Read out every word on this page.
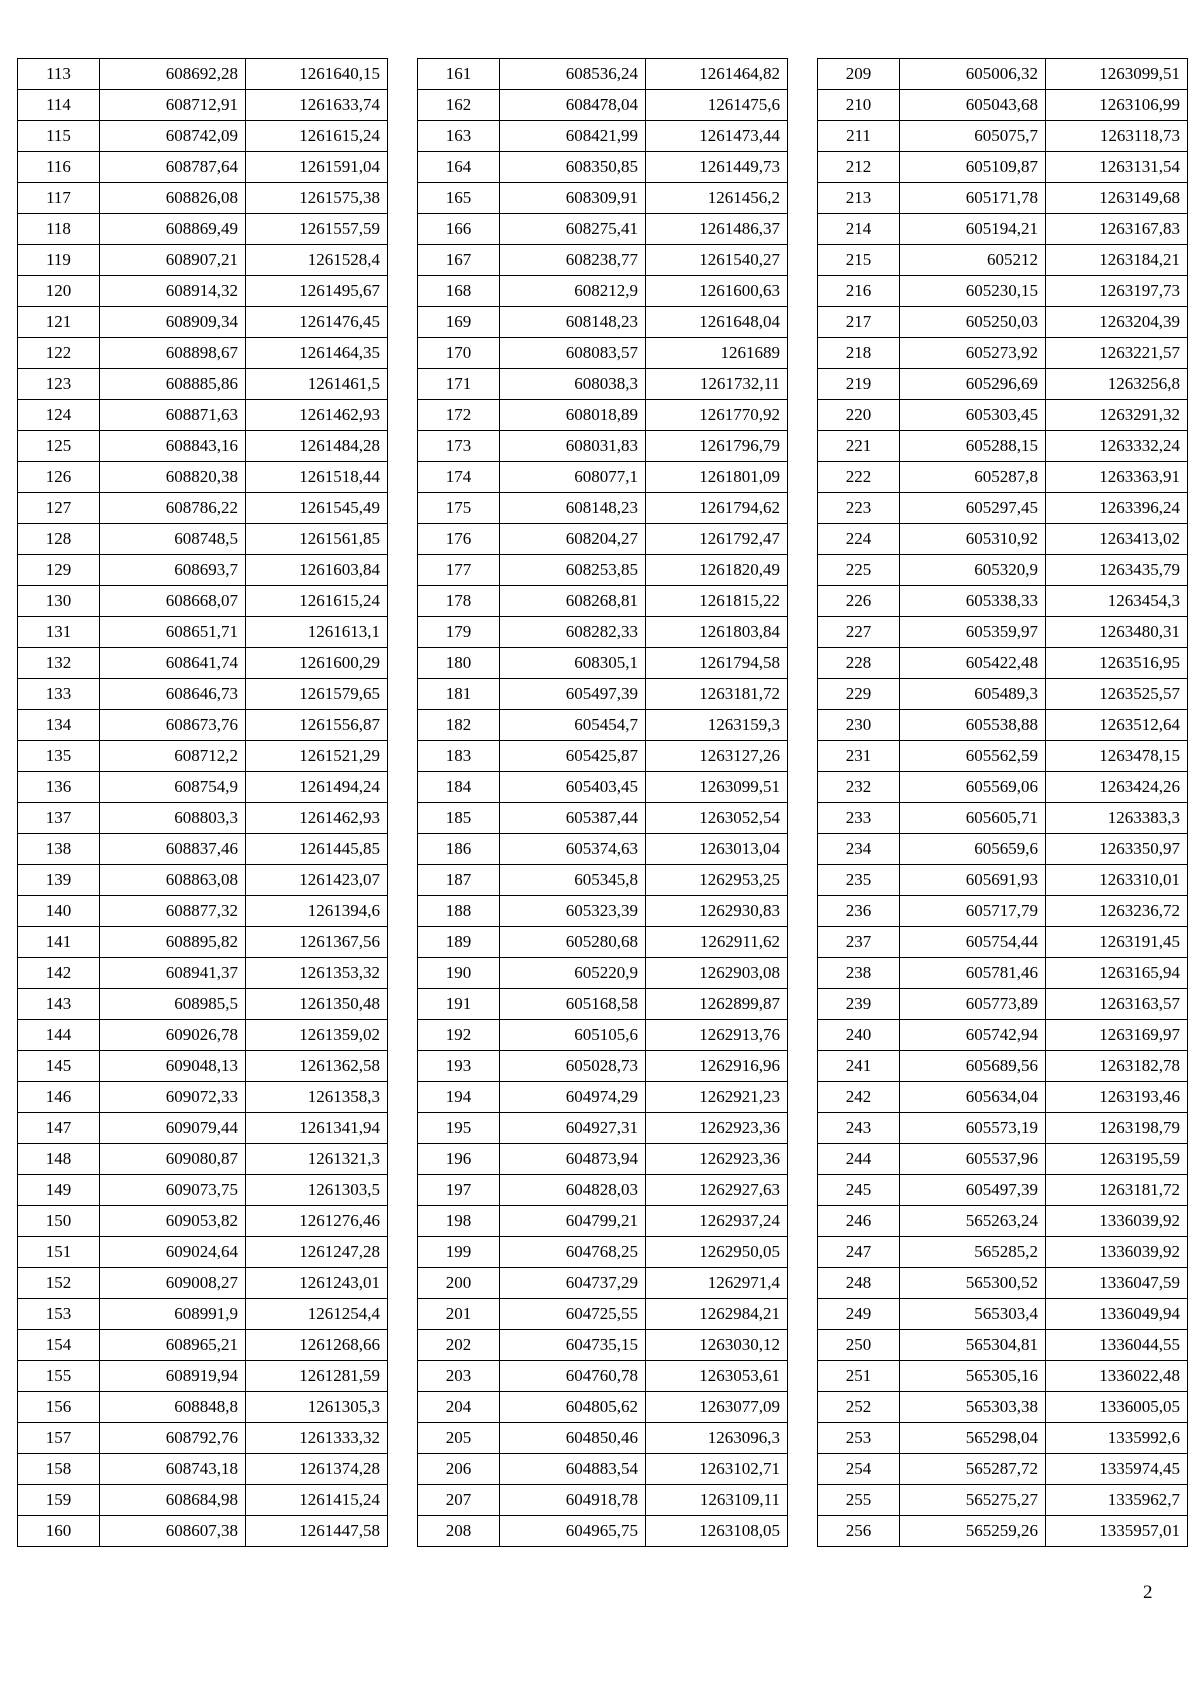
113	608692,28	1261640,15
114	608712,91	1261633,74
115	608742,09	1261615,24
116	608787,64	1261591,04
117	608826,08	1261575,38
118	608869,49	1261557,59
119	608907,21	1261528,4
120	608914,32	1261495,67
121	608909,34	1261476,45
122	608898,67	1261464,35
123	608885,86	1261461,5
124	608871,63	1261462,93
125	608843,16	1261484,28
126	608820,38	1261518,44
127	608786,22	1261545,49
128	608748,5	1261561,85
129	608693,7	1261603,84
130	608668,07	1261615,24
131	608651,71	1261613,1
132	608641,74	1261600,29
133	608646,73	1261579,65
134	608673,76	1261556,87
135	608712,2	1261521,29
136	608754,9	1261494,24
137	608803,3	1261462,93
138	608837,46	1261445,85
139	608863,08	1261423,07
140	608877,32	1261394,6
141	608895,82	1261367,56
142	608941,37	1261353,32
143	608985,5	1261350,48
144	609026,78	1261359,02
145	609048,13	1261362,58
146	609072,33	1261358,3
147	609079,44	1261341,94
148	609080,87	1261321,3
149	609073,75	1261303,5
150	609053,82	1261276,46
151	609024,64	1261247,28
152	609008,27	1261243,01
153	608991,9	1261254,4
154	608965,21	1261268,66
155	608919,94	1261281,59
156	608848,8	1261305,3
157	608792,76	1261333,32
158	608743,18	1261374,28
159	608684,98	1261415,24
160	608607,38	1261447,58
161	608536,24	1261464,82
162	608478,04	1261475,6
163	608421,99	1261473,44
164	608350,85	1261449,73
165	608309,91	1261456,2
166	608275,41	1261486,37
167	608238,77	1261540,27
168	608212,9	1261600,63
169	608148,23	1261648,04
170	608083,57	1261689
171	608038,3	1261732,11
172	608018,89	1261770,92
173	608031,83	1261796,79
174	608077,1	1261801,09
175	608148,23	1261794,62
176	608204,27	1261792,47
177	608253,85	1261820,49
178	608268,81	1261815,22
179	608282,33	1261803,84
180	608305,1	1261794,58
181	605497,39	1263181,72
182	605454,7	1263159,3
183	605425,87	1263127,26
184	605403,45	1263099,51
185	605387,44	1263052,54
186	605374,63	1263013,04
187	605345,8	1262953,25
188	605323,39	1262930,83
189	605280,68	1262911,62
190	605220,9	1262903,08
191	605168,58	1262899,87
192	605105,6	1262913,76
193	605028,73	1262916,96
194	604974,29	1262921,23
195	604927,31	1262923,36
196	604873,94	1262923,36
197	604828,03	1262927,63
198	604799,21	1262937,24
199	604768,25	1262950,05
200	604737,29	1262971,4
201	604725,55	1262984,21
202	604735,15	1263030,12
203	604760,78	1263053,61
204	604805,62	1263077,09
205	604850,46	1263096,3
206	604883,54	1263102,71
207	604918,78	1263109,11
208	604965,75	1263108,05
209	605006,32	1263099,51
210	605043,68	1263106,99
211	605075,7	1263118,73
212	605109,87	1263131,54
213	605171,78	1263149,68
214	605194,21	1263167,83
215	605212	1263184,21
216	605230,15	1263197,73
217	605250,03	1263204,39
218	605273,92	1263221,57
219	605296,69	1263256,8
220	605303,45	1263291,32
221	605288,15	1263332,24
222	605287,8	1263363,91
223	605297,45	1263396,24
224	605310,92	1263413,02
225	605320,9	1263435,79
226	605338,33	1263454,3
227	605359,97	1263480,31
228	605422,48	1263516,95
229	605489,3	1263525,57
230	605538,88	1263512,64
231	605562,59	1263478,15
232	605569,06	1263424,26
233	605605,71	1263383,3
234	605659,6	1263350,97
235	605691,93	1263310,01
236	605717,79	1263236,72
237	605754,44	1263191,45
238	605781,46	1263165,94
239	605773,89	1263163,57
240	605742,94	1263169,97
241	605689,56	1263182,78
242	605634,04	1263193,46
243	605573,19	1263198,79
244	605537,96	1263195,59
245	605497,39	1263181,72
246	565263,24	1336039,92
247	565285,2	1336039,92
248	565300,52	1336047,59
249	565303,4	1336049,94
250	565304,81	1336044,55
251	565305,16	1336022,48
252	565303,38	1336005,05
253	565298,04	1335992,6
254	565287,72	1335974,45
255	565275,27	1335962,7
256	565259,26	1335957,01
2
